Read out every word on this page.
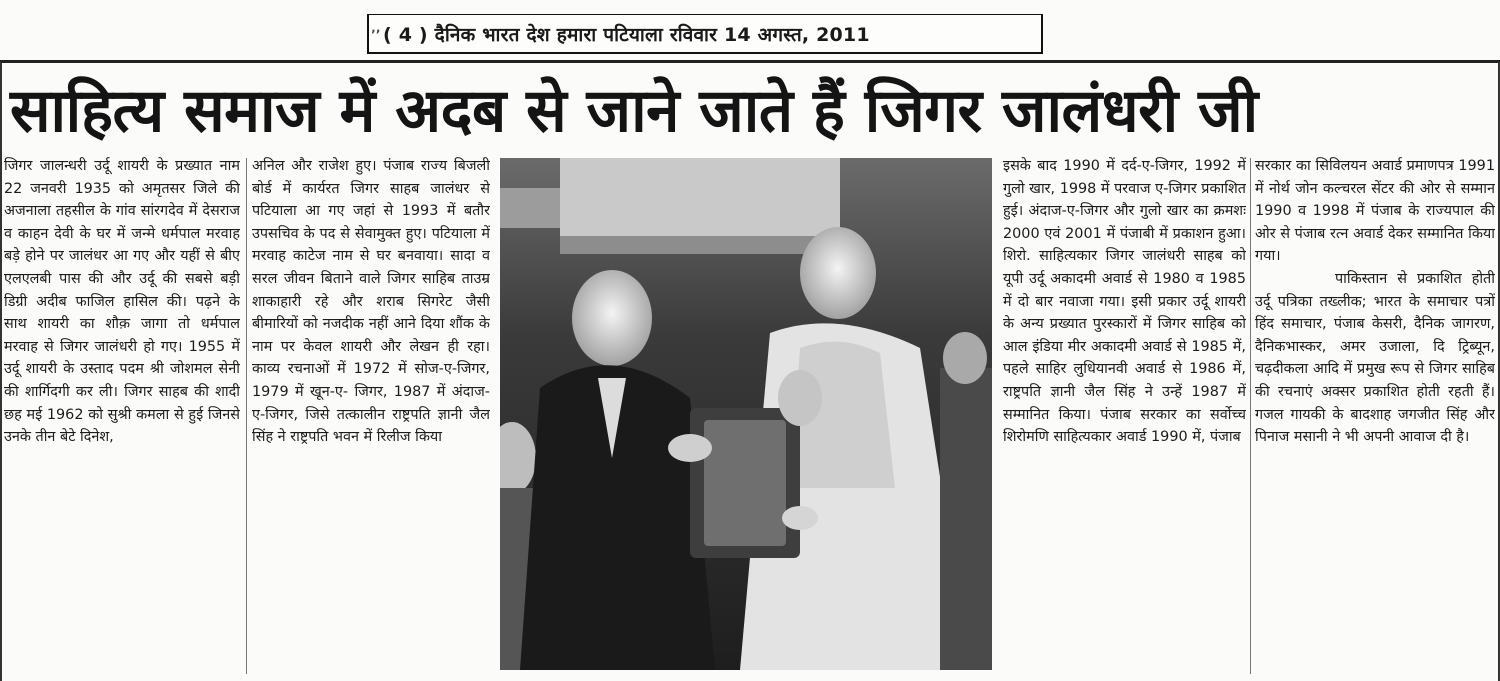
‚‚ ( 4 ) दैनिक भारत देश हमारा पटियाला रविवार 14 अगस्त, 2011
साहित्य समाज में अदब से जाने जाते हैं जिगर जालंधरी जी
जिगर जालन्धरी उर्दू शायरी के प्रख्यात नाम 22 जनवरी 1935 को अमृतसर जिले की अजनाला तहसील के गांव सांरगदेव में देसराज व काहन देवी के घर में जन्मे धर्मपाल मरवाह बड़े होने पर जालंधर आ गए और यहीं से बीए एलएलबी पास की और उर्दू की सबसे बड़ी डिग्री अदीब फाजिल हासिल की। पढ़ने के साथ शायरी का शौक़ जागा तो धर्मपाल मरवाह से जिगर जालंधरी हो गए। 1955 में उर्दू शायरी के उस्ताद पदम श्री जोशमल सेनी की शार्गिदगी कर ली। जिगर साहब की शादी छह मई 1962 को सुश्री कमला से हुई जिनसे उनके तीन बेटे दिनेश,
अनिल और राजेश हुए। पंजाब राज्य बिजली बोर्ड में कार्यरत जिगर साहब जालंधर से पटियाला आ गए जहां से 1993 में बतौर उपसचिव के पद से सेवामुक्त हुए। पटियाला में मरवाह काटेज नाम से घर बनवाया। सादा व सरल जीवन बिताने वाले जिगर साहिब ताउम्र शाकाहारी रहे और शराब सिगरेट जैसी बीमारियों को नजदीक नहीं आने दिया शौंक के नाम पर केवल शायरी और लेखन ही रहा। काव्य रचनाओं में 1972 में सोज-ए-जिगर, 1979 में खून-ए- जिगर, 1987 में अंदाज-ए-जिगर, जिसे तत्कालीन राष्ट्रपति ज्ञानी जैल सिंह ने राष्ट्रपति भवन में रिलीज किया
इसके बाद 1990 में दर्द-ए-जिगर, 1992 में गुलो खार, 1998 में परवाज ए-जिगर प्रकाशित हुई। अंदाज-ए-जिगर और गुलो खार का क्रमशः 2000 एवं 2001 में पंजाबी में प्रकाशन हुआ।शिरो. साहित्यकार जिगर जालंधरी साहब को यूपी उर्दू अकादमी अवार्ड से 1980 व 1985 में दो बार नवाजा गया। इसी प्रकार उर्दू शायरी के अन्य प्रख्यात पुरस्कारों में जिगर साहिब को आल इंडिया मीर अकादमी अवार्ड से 1985 में, पहले साहिर लुधियानवी अवार्ड से 1986 में, राष्ट्रपति ज्ञानी जैल सिंह ने उन्हें 1987 में सम्मानित किया। पंजाब सरकार का सर्वोच्च शिरोमणि साहित्यकार अवार्ड 1990 में, पंजाब
सरकार का सिविलयन अवार्ड प्रमाणपत्र 1991 में नोर्थ जोन कल्चरल सेंटर की ओर से सम्मान 1990 व 1998 में पंजाब के राज्यपाल की ओर से पंजाब रत्न अवार्ड देकर सम्मानित किया गया।
पाकिस्तान से प्रकाशित होती उर्दू पत्रिका तख्लीक; भारत के समाचार पत्रों हिंद समाचार, पंजाब केसरी, दैनिक जागरण, दैनिकभास्कर, अमर उजाला, दि ट्रिब्यून, चढ़दीकला आदि में प्रमुख रूप से जिगर साहिब की रचनाएं अक्सर प्रकाशित होती रहती हैं। गजल गायकी के बादशाह जगजीत सिंह और पिनाज मसानी ने भी अपनी आवाज दी है।
